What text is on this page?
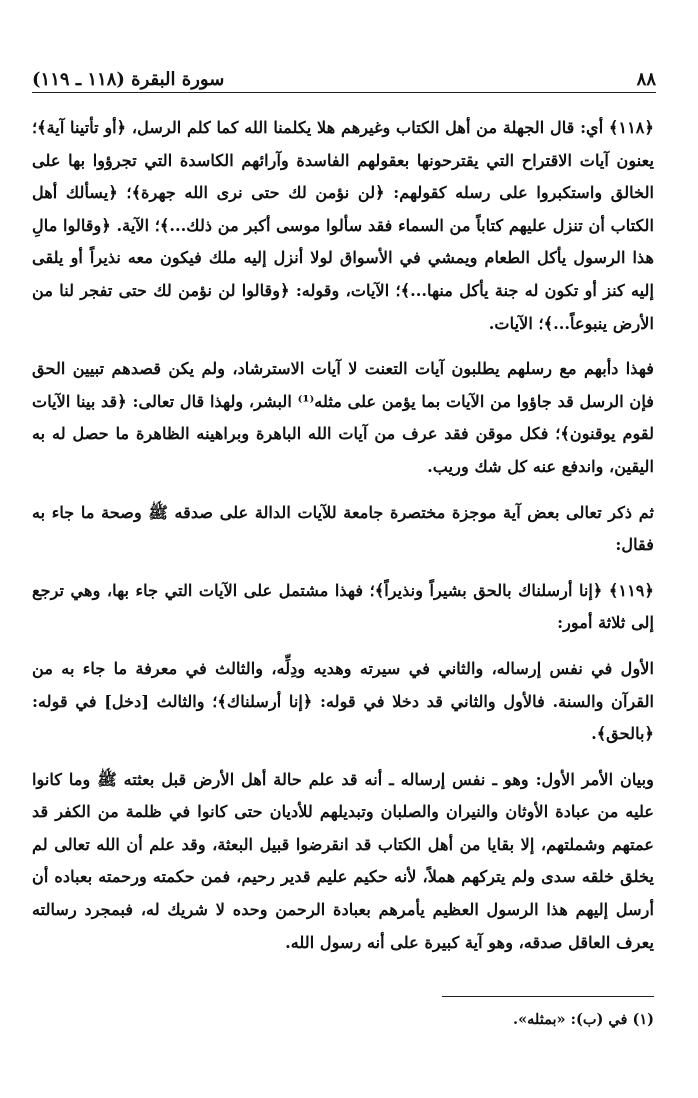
٨٨
سورة البقرة (١١٨ ـ ١١٩)

﴿١١٨﴾ أي: قال الجهلة من أهل الكتاب وغيرهم هلا يكلمنا الله كما كلم الرسل، ﴿أو تأتينا آية﴾؛ يعنون آيات الاقتراح التي يقترحونها بعقولهم الفاسدة وآرائهم الكاسدة التي تجرؤوا بها على الخالق واستكبروا على رسله كقولهم: ﴿لن نؤمن لك حتى نرى الله جهرة﴾؛ ﴿يسألك أهل الكتاب أن تنزل عليهم كتاباً من السماء فقد سألوا موسى أكبر من ذلك...﴾؛ الآية. ﴿وقالوا مالِ هذا الرسول يأكل الطعام ويمشي في الأسواق لولا أنزل إليه ملك فيكون معه نذيراً أو يلقى إليه كنز أو تكون له جنة يأكل منها...﴾؛ الآيات، وقوله: ﴿وقالوا لن نؤمن لك حتى تفجر لنا من الأرض ينبوعاً...﴾؛ الآيات.

فهذا دأبهم مع رسلهم يطلبون آيات التعنت لا آيات الاسترشاد، ولم يكن قصدهم تبيين الحق فإن الرسل قد جاؤوا من الآيات بما يؤمن على مثله⁽¹⁾ البشر، ولهذا قال تعالى: ﴿قد بينا الآيات لقوم يوقنون﴾؛ فكل موقن فقد عرف من آيات الله الباهرة وبراهينه الظاهرة ما حصل له به اليقين، واندفع عنه كل شك وريب.

ثم ذكر تعالى بعض آية موجزة مختصرة جامعة للآيات الدالة على صدقه ﷺ وصحة ما جاء به فقال:

﴿١١٩﴾ ﴿إنا أرسلناك بالحق بشيراً ونذيراً﴾؛ فهذا مشتمل على الآيات التي جاء بها، وهي ترجع إلى ثلاثة أمور:

الأول في نفس إرساله، والثاني في سيرته وهديه ودِلِّه، والثالث في معرفة ما جاء به من القرآن والسنة. فالأول والثاني قد دخلا في قوله: ﴿إنا أرسلناك﴾؛ والثالث [دخل] في قوله: ﴿بالحق﴾.

وبيان الأمر الأول: وهو ـ نفس إرساله ـ أنه قد علم حالة أهل الأرض قبل بعثته ﷺ وما كانوا عليه من عبادة الأوثان والنيران والصلبان وتبديلهم للأديان حتى كانوا في ظلمة من الكفر قد عمتهم وشملتهم، إلا بقايا من أهل الكتاب قد انقرضوا قبيل البعثة، وقد علم أن الله تعالى لم يخلق خلقه سدى ولم يتركهم هملاً، لأنه حكيم عليم قدير رحيم، فمن حكمته ورحمته بعباده أن أرسل إليهم هذا الرسول العظيم يأمرهم بعبادة الرحمن وحده لا شريك له، فبمجرد رسالته يعرف العاقل صدقه، وهو آية كبيرة على أنه رسول الله.

(١) في (ب): «بمثله».
